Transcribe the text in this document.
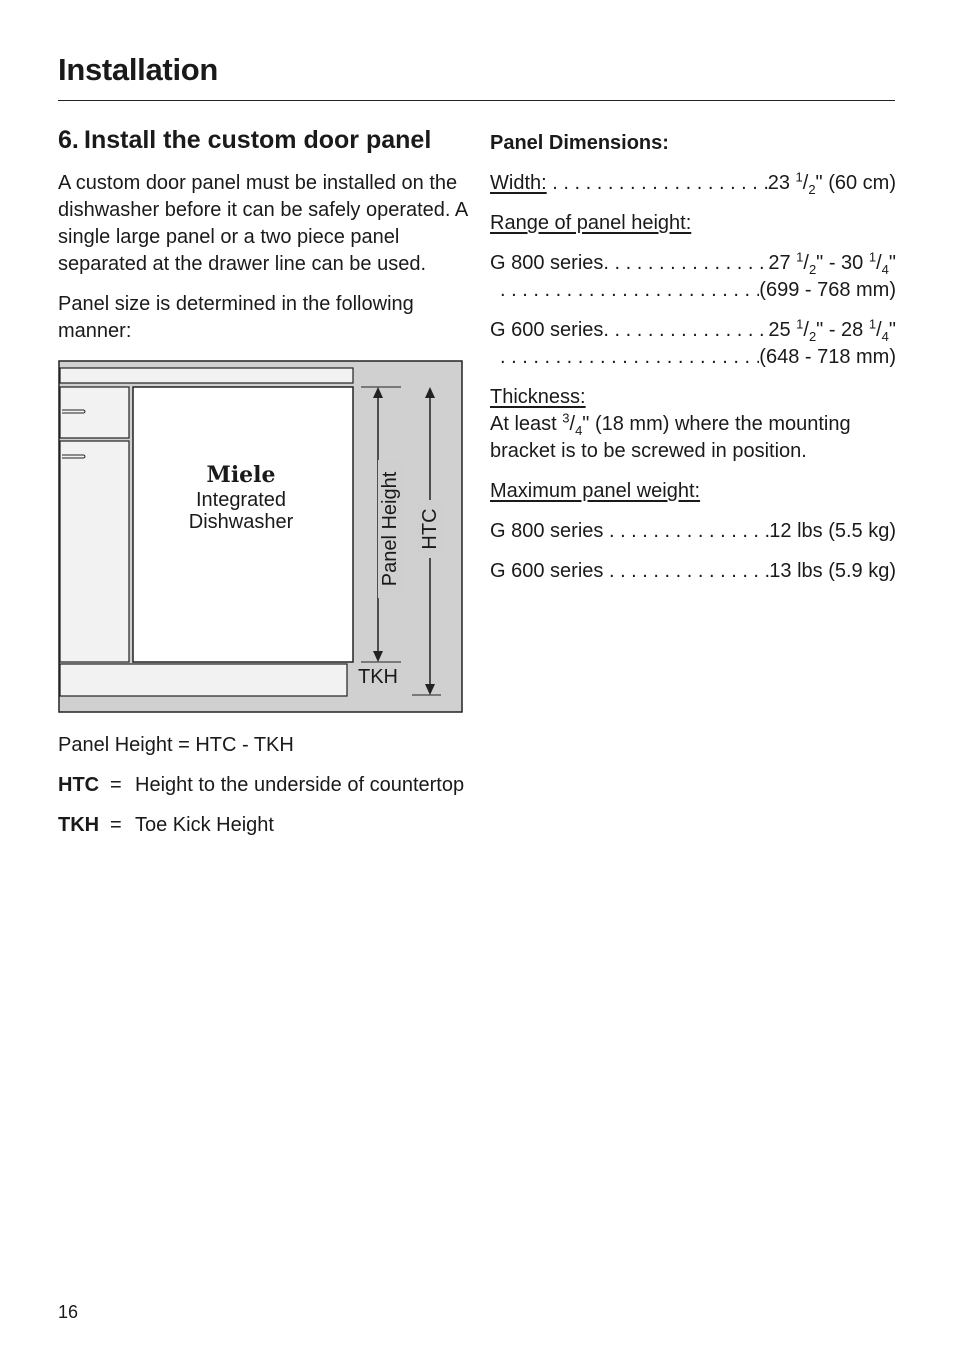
Installation
6. Install the custom door panel

A custom door panel must be installed on the dishwasher before it can be safely operated. A single large panel or a two piece panel separated at the drawer line can be used.

Panel size is determined in the following manner:

Miele
Integrated
Dishwasher	Panel Height HTC
TKH
Panel Height = HTC - TKH
HTC = Height to the underside of countertop
TKH = Toe Kick Height
Panel Dimensions:
Width: . . .	23 $^1/_2$" (60 cm)
Range of panel height:
G 800 series . . .	27 $^1/_2$" - 30 $^1/_4$"
. . .
(699 - 768 mm)
G 600 series . . .	25 $^1/_2$" - 28 $^1/_4$"
. . .
(648 - 718 mm)
Thickness:
At least $^3/_4$" (18 mm) where the mounting bracket is to be screwed in position.
Maximum panel weight:
G 800 series . . .	12 lbs (5.5 kg)
G 600 series . . .	13 lbs (5.9 kg)
16
